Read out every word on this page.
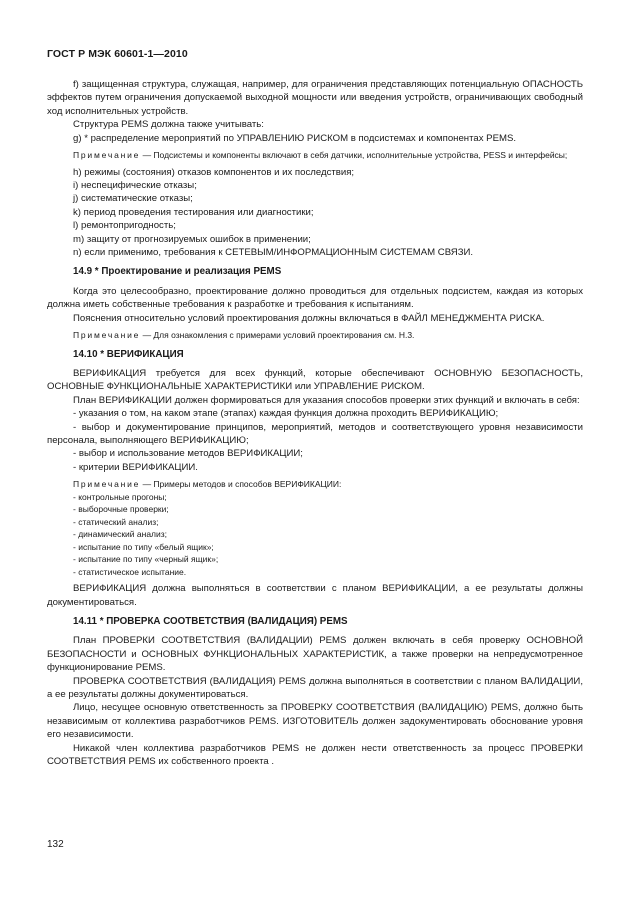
ГОСТ Р МЭК 60601-1—2010

f) защищенная структура, служащая, например, для ограничения представляющих потенциальную ОПАСНОСТЬ эффектов путем ограничения допускаемой выходной мощности или введения устройств, ограничивающих свободный ход исполнительных устройств.

Структура PEMS должна также учитывать:

g) * распределение мероприятий по УПРАВЛЕНИЮ РИСКОМ в подсистемах и компонентах PEMS.

Примечание — Подсистемы и компоненты включают в себя датчики, исполнительные устройства, PESS и интерфейсы;

h) режимы (состояния) отказов компонентов и их последствия;

i) неспецифические отказы;

j) систематические отказы;

k) период проведения тестирования или диагностики;

l) ремонтопригодность;

m) защиту от прогнозируемых ошибок в применении;

n) если применимо, требования к СЕТЕВЫМ/ИНФОРМАЦИОННЫМ СИСТЕМАМ СВЯЗИ.

14.9 * Проектирование и реализация PEMS

Когда это целесообразно, проектирование должно проводиться для отдельных подсистем, каждая из которых должна иметь собственные требования к разработке и требования к испытаниям.

Пояснения относительно условий проектирования должны включаться в ФАЙЛ МЕНЕДЖМЕНТА РИСКА.

Примечание — Для ознакомления с примерами условий проектирования см. Н.3.

14.10 * ВЕРИФИКАЦИЯ

ВЕРИФИКАЦИЯ требуется для всех функций, которые обеспечивают ОСНОВНУЮ БЕЗОПАСНОСТЬ, ОСНОВНЫЕ ФУНКЦИОНАЛЬНЫЕ ХАРАКТЕРИСТИКИ или УПРАВЛЕНИЕ РИСКОМ.

План ВЕРИФИКАЦИИ должен формироваться для указания способов проверки этих функций и включать в себя:

- указания о том, на каком этапе (этапах) каждая функция должна проходить ВЕРИФИКАЦИЮ;

- выбор и документирование принципов, мероприятий, методов и соответствующего уровня независимости персонала, выполняющего ВЕРИФИКАЦИЮ;

- выбор и использование методов ВЕРИФИКАЦИИ;

- критерии ВЕРИФИКАЦИИ.

Примечание — Примеры методов и способов ВЕРИФИКАЦИИ:

- контрольные прогоны;

- выборочные проверки;

- статический анализ;

- динамический анализ;

- испытание по типу «белый ящик»;

- испытание по типу «черный ящик»;

- статистическое испытание.

ВЕРИФИКАЦИЯ должна выполняться в соответствии с планом ВЕРИФИКАЦИИ, а ее результаты должны документироваться.

14.11 * ПРОВЕРКА СООТВЕТСТВИЯ (ВАЛИДАЦИЯ) PEMS

План ПРОВЕРКИ СООТВЕТСТВИЯ (ВАЛИДАЦИИ) PEMS должен включать в себя проверку ОСНОВНОЙ БЕЗОПАСНОСТИ и ОСНОВНЫХ ФУНКЦИОНАЛЬНЫХ ХАРАКТЕРИСТИК, а также проверки на непредусмотренное функционирование PEMS.

ПРОВЕРКА СООТВЕТСТВИЯ (ВАЛИДАЦИЯ) PEMS должна выполняться в соответствии с планом ВАЛИДАЦИИ, а ее результаты должны документироваться.

Лицо, несущее основную ответственность за ПРОВЕРКУ СООТВЕТСТВИЯ (ВАЛИДАЦИЮ) PEMS, должно быть независимым от коллектива разработчиков PEMS. ИЗГОТОВИТЕЛЬ должен задокументировать обоснование уровня его независимости.

Никакой член коллектива разработчиков PEMS не должен нести ответственность за процесс ПРОВЕРКИ СООТВЕТСТВИЯ PEMS их собственного проекта .

132
